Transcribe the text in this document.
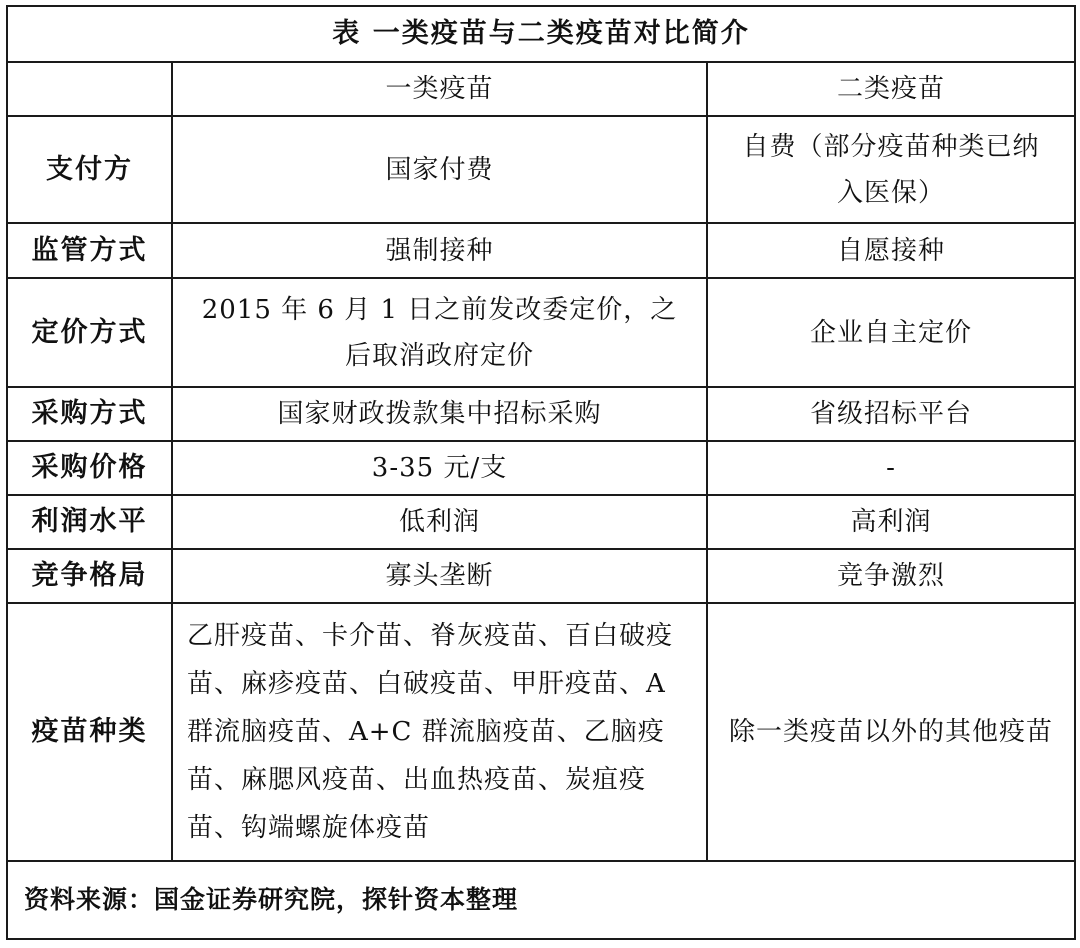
表 一类疫苗与二类疫苗对比简介		
	一类疫苗	二类疫苗
支付方	国家付费	自费（部分疫苗种类已纳入医保）
监管方式	强制接种	自愿接种
定价方式	2015 年 6 月 1 日之前发改委定价，之后取消政府定价	企业自主定价
采购方式	国家财政拨款集中招标采购	省级招标平台
采购价格	3-35 元/支	-
利润水平	低利润	高利润
竞争格局	寡头垄断	竞争激烈
疫苗种类	乙肝疫苗、卡介苗、脊灰疫苗、百白破疫苗、麻疹疫苗、白破疫苗、甲肝疫苗、A 群流脑疫苗、A+C 群流脑疫苗、乙脑疫苗、麻腮风疫苗、出血热疫苗、炭疽疫苗、钩端螺旋体疫苗	除一类疫苗以外的其他疫苗
资料来源：国金证券研究院，探针资本整理		
